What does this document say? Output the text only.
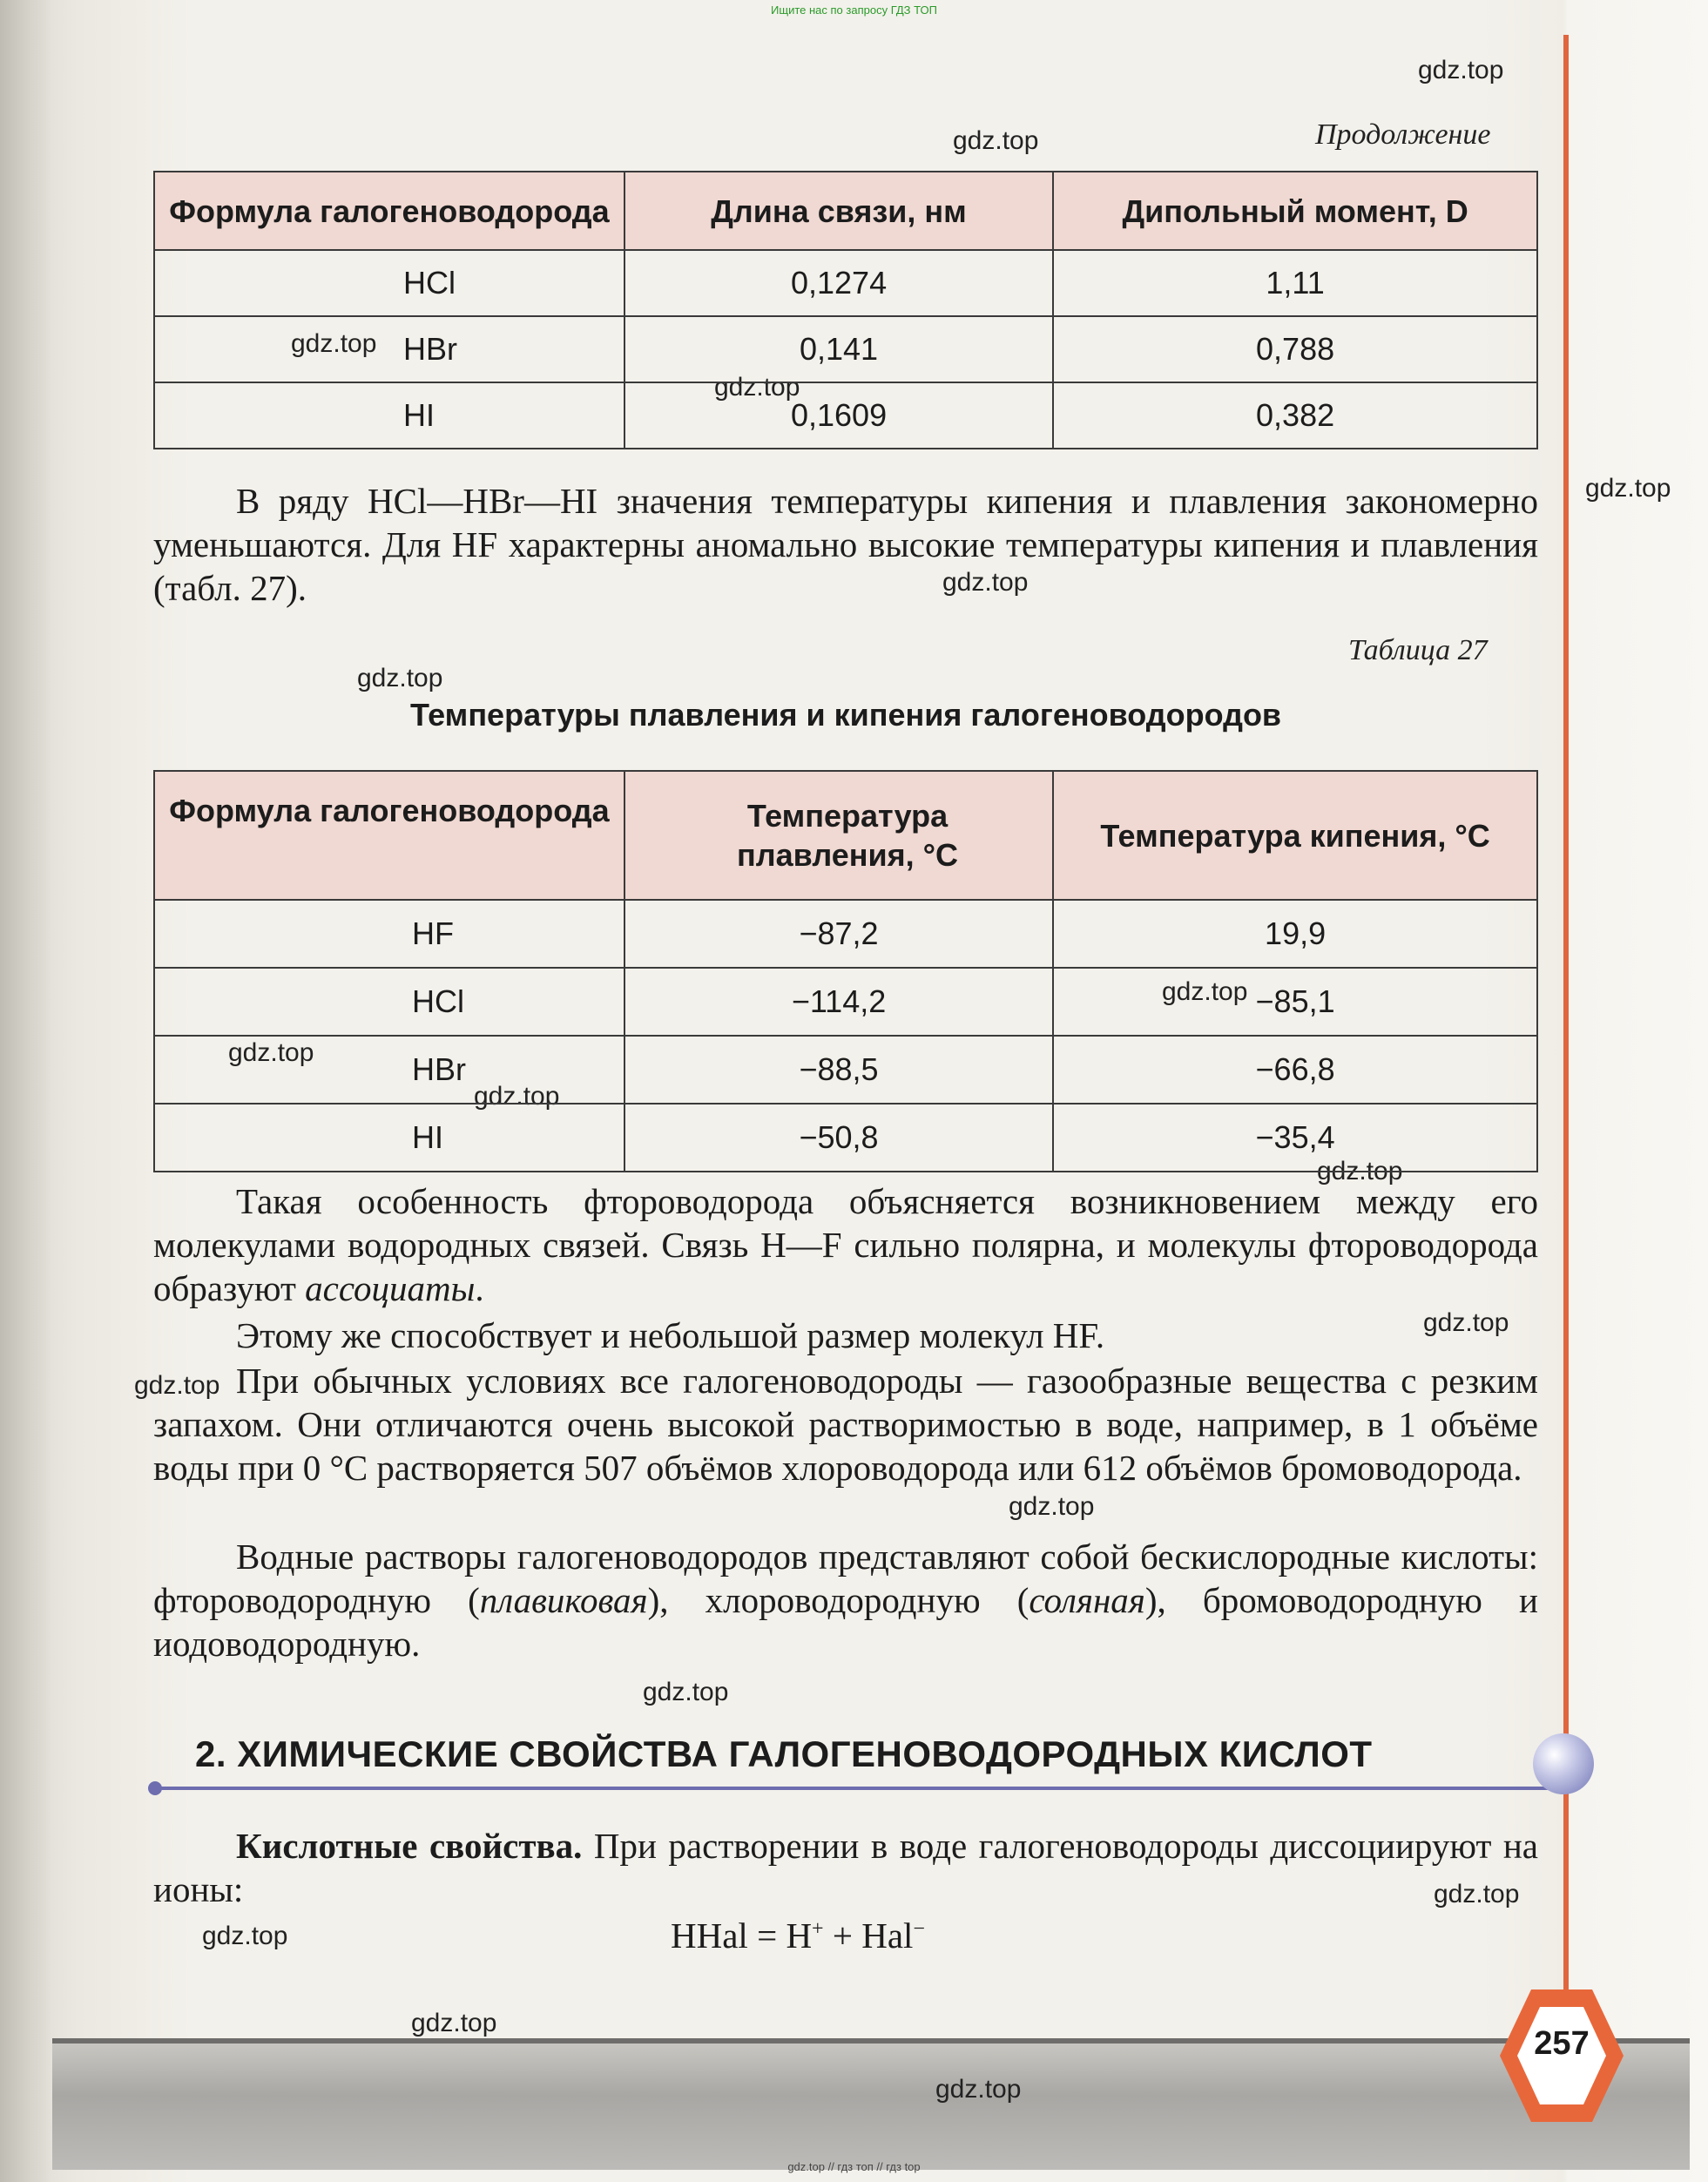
Ищите нас по запросу ГДЗ ТОП
gdz.top
gdz.top
gdz.top
gdz.top
gdz.top
gdz.top
gdz.top
gdz.top
gdz.top
gdz.top
gdz.top
gdz.top
gdz.top
gdz.top
gdz.top
gdz.top
gdz.top
gdz.top
gdz.top
Продолжение
Формула галогеноводорода	Длина связи, нм	Дипольный момент, D
HCl	0,1274	1,11
HBr	0,141	0,788
HI	0,1609	0,382
В ряду HCl—HBr—HI значения температуры кипения и плавления закономерно уменьшаются. Для HF характерны аномально высокие температуры кипения и плавления (табл. 27).
Таблица 27
Температуры плавления и кипения галогеноводородов
Формула галогеноводорода	Температура плавления, °C	Температура кипения, °C
HF	−87,2	19,9
HCl	−114,2	−85,1
HBr	−88,5	−66,8
HI	−50,8	−35,4
Такая особенность фтороводорода объясняется возникновением между его молекулами водородных связей. Связь H—F сильно полярна, и молекулы фтороводорода образуют ассоциаты.
Этому же способствует и небольшой размер молекул HF.
При обычных условиях все галогеноводороды — газообразные вещества с резким запахом. Они отличаются очень высокой растворимостью в воде, например, в 1 объёме воды при 0 °C растворяется 507 объёмов хлороводорода или 612 объёмов бромоводорода.
Водные растворы галогеноводородов представляют собой бескислородные кислоты: фтороводородную (плавиковая), хлороводородную (соляная), бромоводородную и иодоводородную.
2. ХИМИЧЕСКИЕ СВОЙСТВА ГАЛОГЕНОВОДОРОДНЫХ КИСЛОТ
Кислотные свойства. При растворении в воде галогеноводороды диссоциируют на ионы:
HHal = H+ + Hal−
257
gdz.top // гдз топ // гдз top
